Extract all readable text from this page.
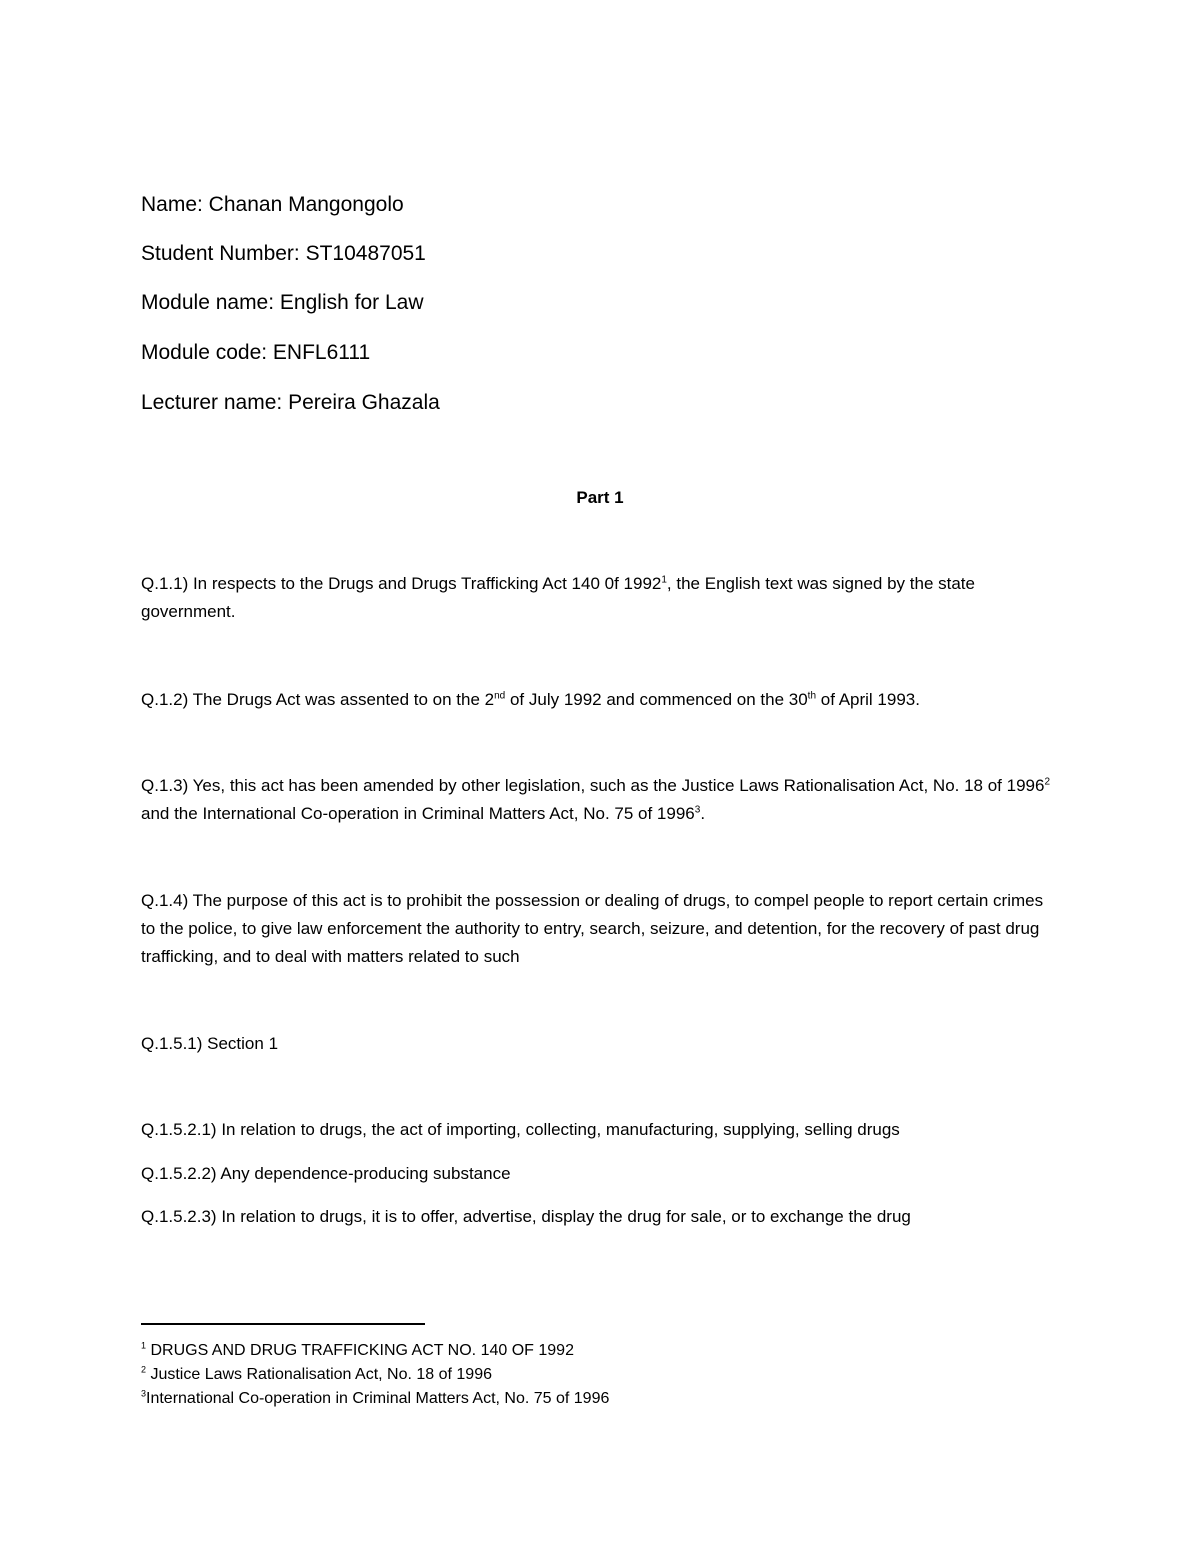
Name: Chanan Mangongolo
Student Number: ST10487051
Module name: English for Law
Module code: ENFL6111
Lecturer name: Pereira Ghazala
Part 1
Q.1.1) In respects to the Drugs and Drugs Trafficking Act 140 0f 1992$^1$, the English text was signed by the state government.
Q.1.2) The Drugs Act was assented to on the 2nd of July 1992 and commenced on the 30th of April 1993.
Q.1.3) Yes, this act has been amended by other legislation, such as the Justice Laws Rationalisation Act, No. 18 of 1996$^2$ and the International Co-operation in Criminal Matters Act, No. 75 of 1996$^3$.
Q.1.4) The purpose of this act is to prohibit the possession or dealing of drugs, to compel people to report certain crimes to the police, to give law enforcement the authority to entry, search, seizure, and detention, for the recovery of past drug trafficking, and to deal with matters related to such
Q.1.5.1) Section 1
Q.1.5.2.1) In relation to drugs, the act of importing, collecting, manufacturing, supplying, selling drugs
Q.1.5.2.2) Any dependence-producing substance
Q.1.5.2.3) In relation to drugs, it is to offer, advertise, display the drug for sale, or to exchange the drug
$^1$ DRUGS AND DRUG TRAFFICKING ACT NO. 140 OF 1992
$^2$ Justice Laws Rationalisation Act, No. 18 of 1996
$^3$International Co-operation in Criminal Matters Act, No. 75 of 1996
